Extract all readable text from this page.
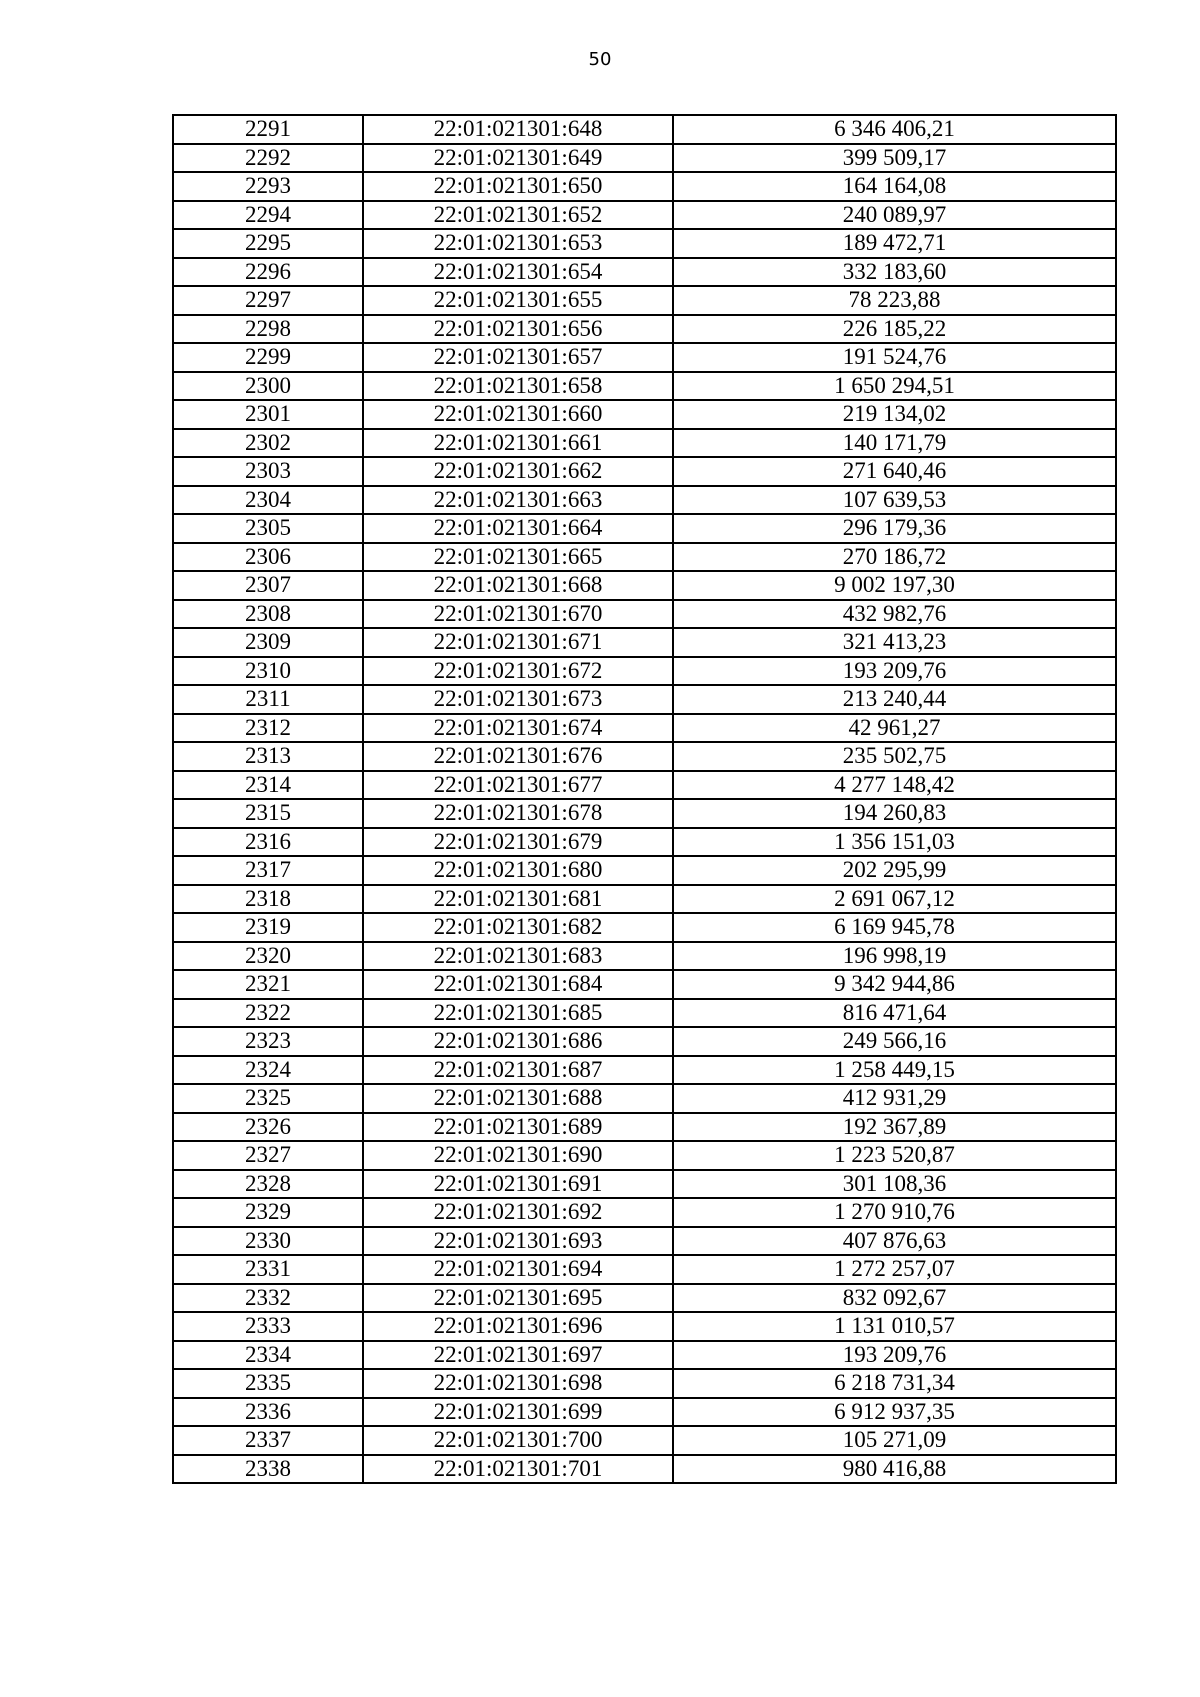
50
2291	22:01:021301:648	6 346 406,21
2292	22:01:021301:649	399 509,17
2293	22:01:021301:650	164 164,08
2294	22:01:021301:652	240 089,97
2295	22:01:021301:653	189 472,71
2296	22:01:021301:654	332 183,60
2297	22:01:021301:655	78 223,88
2298	22:01:021301:656	226 185,22
2299	22:01:021301:657	191 524,76
2300	22:01:021301:658	1 650 294,51
2301	22:01:021301:660	219 134,02
2302	22:01:021301:661	140 171,79
2303	22:01:021301:662	271 640,46
2304	22:01:021301:663	107 639,53
2305	22:01:021301:664	296 179,36
2306	22:01:021301:665	270 186,72
2307	22:01:021301:668	9 002 197,30
2308	22:01:021301:670	432 982,76
2309	22:01:021301:671	321 413,23
2310	22:01:021301:672	193 209,76
2311	22:01:021301:673	213 240,44
2312	22:01:021301:674	42 961,27
2313	22:01:021301:676	235 502,75
2314	22:01:021301:677	4 277 148,42
2315	22:01:021301:678	194 260,83
2316	22:01:021301:679	1 356 151,03
2317	22:01:021301:680	202 295,99
2318	22:01:021301:681	2 691 067,12
2319	22:01:021301:682	6 169 945,78
2320	22:01:021301:683	196 998,19
2321	22:01:021301:684	9 342 944,86
2322	22:01:021301:685	816 471,64
2323	22:01:021301:686	249 566,16
2324	22:01:021301:687	1 258 449,15
2325	22:01:021301:688	412 931,29
2326	22:01:021301:689	192 367,89
2327	22:01:021301:690	1 223 520,87
2328	22:01:021301:691	301 108,36
2329	22:01:021301:692	1 270 910,76
2330	22:01:021301:693	407 876,63
2331	22:01:021301:694	1 272 257,07
2332	22:01:021301:695	832 092,67
2333	22:01:021301:696	1 131 010,57
2334	22:01:021301:697	193 209,76
2335	22:01:021301:698	6 218 731,34
2336	22:01:021301:699	6 912 937,35
2337	22:01:021301:700	105 271,09
2338	22:01:021301:701	980 416,88
